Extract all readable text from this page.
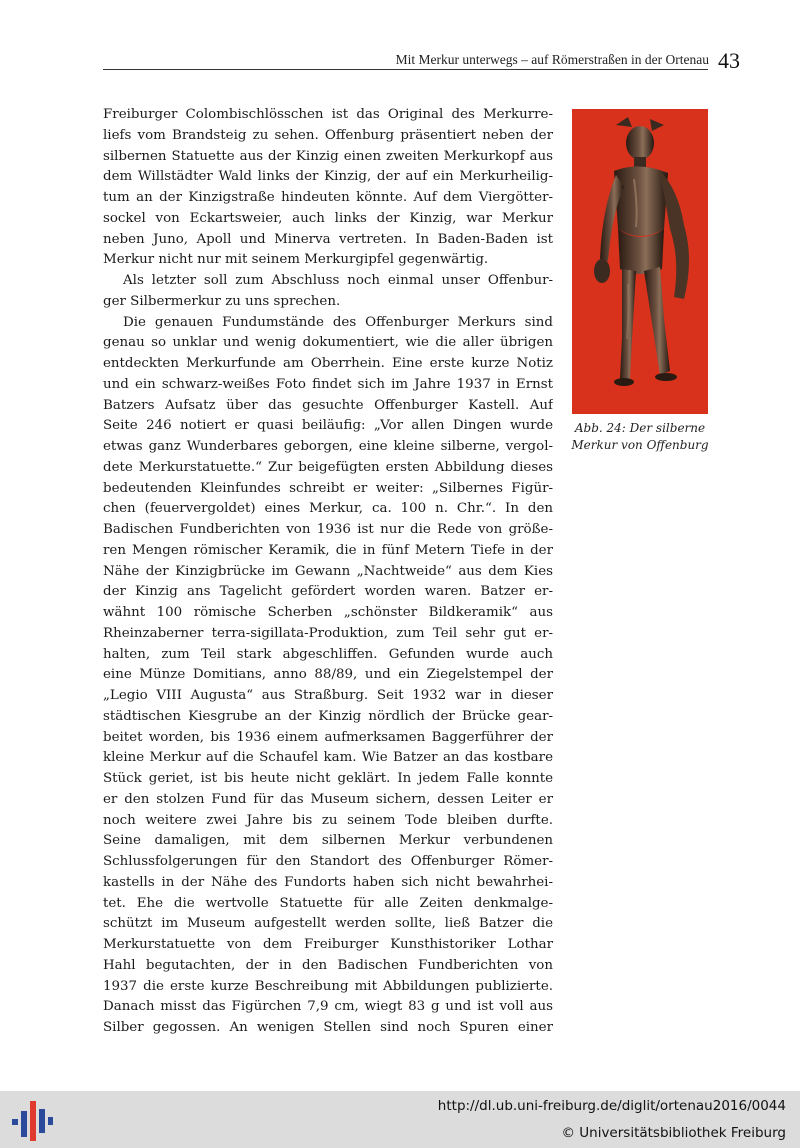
Mit Merkur unterwegs – auf Römerstraßen in der Ortenau 43
Freiburger Colombischlösschen ist das Original des Merkurre-
liefs vom Brandsteig zu sehen. Offenburg präsentiert neben der
silbernen Statuette aus der Kinzig einen zweiten Merkurkopf aus
dem Willstädter Wald links der Kinzig, der auf ein Merkurheilig-
tum an der Kinzigstraße hindeuten könnte. Auf dem Viergötter-
sockel von Eckartsweier, auch links der Kinzig, war Merkur
neben Juno, Apoll und Minerva vertreten. In Baden-Baden ist
Merkur nicht nur mit seinem Merkurgipfel gegenwärtig.
Als letzter soll zum Abschluss noch einmal unser Offenbur-
ger Silbermerkur zu uns sprechen.
Die genauen Fundumstände des Offenburger Merkurs sind
genau so unklar und wenig dokumentiert, wie die aller übrigen
entdeckten Merkurfunde am Oberrhein. Eine erste kurze Notiz
und ein schwarz-weißes Foto findet sich im Jahre 1937 in Ernst
Batzers Aufsatz über das gesuchte Offenburger Kastell. Auf
Seite 246 notiert er quasi beiläufig: „Vor allen Dingen wurde
etwas ganz Wunderbares geborgen, eine kleine silberne, vergol-
dete Merkurstatuette.“ Zur beigefügten ersten Abbildung dieses
bedeutenden Kleinfundes schreibt er weiter: „Silbernes Figür-
chen (feuervergoldet) eines Merkur, ca. 100 n. Chr.“. In den
Badischen Fundberichten von 1936 ist nur die Rede von größe-
ren Mengen römischer Keramik, die in fünf Metern Tiefe in der
Nähe der Kinzigbrücke im Gewann „Nachtweide“ aus dem Kies
der Kinzig ans Tagelicht gefördert worden waren. Batzer er-
wähnt 100 römische Scherben „schönster Bildkeramik“ aus
Rheinzaberner terra-sigillata-Produktion, zum Teil sehr gut er-
halten, zum Teil stark abgeschliffen. Gefunden wurde auch
eine Münze Domitians, anno 88/89, und ein Ziegelstempel der
„Legio VIII Augusta“ aus Straßburg. Seit 1932 war in dieser
städtischen Kiesgrube an der Kinzig nördlich der Brücke gear-
beitet worden, bis 1936 einem aufmerksamen Baggerführer der
kleine Merkur auf die Schaufel kam. Wie Batzer an das kostbare
Stück geriet, ist bis heute nicht geklärt. In jedem Falle konnte
er den stolzen Fund für das Museum sichern, dessen Leiter er
noch weitere zwei Jahre bis zu seinem Tode bleiben durfte.
Seine damaligen, mit dem silbernen Merkur verbundenen
Schlussfolgerungen für den Standort des Offenburger Römer-
kastells in der Nähe des Fundorts haben sich nicht bewahrhei-
tet. Ehe die wertvolle Statuette für alle Zeiten denkmalge-
schützt im Museum aufgestellt werden sollte, ließ Batzer die
Merkurstatuette von dem Freiburger Kunsthistoriker Lothar
Hahl begutachten, der in den Badischen Fundberichten von
1937 die erste kurze Beschreibung mit Abbildungen publizierte.
Danach misst das Figürchen 7,9 cm, wiegt 83 g und ist voll aus
Silber gegossen. An wenigen Stellen sind noch Spuren einer
Abb. 24: Der silberne
Merkur von Offenburg
http://dl.ub.uni-freiburg.de/diglit/ortenau2016/0044
© Universitätsbibliothek Freiburg
